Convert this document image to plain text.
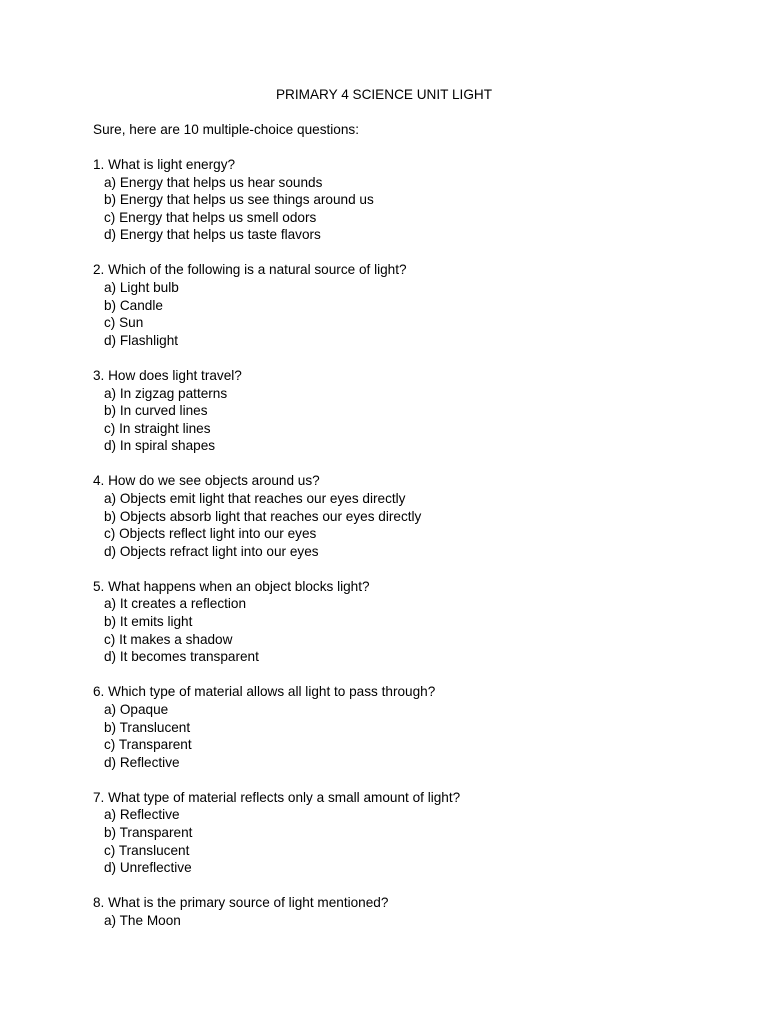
PRIMARY 4 SCIENCE UNIT LIGHT

Sure, here are 10 multiple-choice questions:

1. What is light energy?
a) Energy that helps us hear sounds
b) Energy that helps us see things around us
c) Energy that helps us smell odors
d) Energy that helps us taste flavors
2. Which of the following is a natural source of light?
a) Light bulb
b) Candle
c) Sun
d) Flashlight
3. How does light travel?
a) In zigzag patterns
b) In curved lines
c) In straight lines
d) In spiral shapes
4. How do we see objects around us?
a) Objects emit light that reaches our eyes directly
b) Objects absorb light that reaches our eyes directly
c) Objects reflect light into our eyes
d) Objects refract light into our eyes
5. What happens when an object blocks light?
a) It creates a reflection
b) It emits light
c) It makes a shadow
d) It becomes transparent
6. Which type of material allows all light to pass through?
a) Opaque
b) Translucent
c) Transparent
d) Reflective
7. What type of material reflects only a small amount of light?
a) Reflective
b) Transparent
c) Translucent
d) Unreflective
8. What is the primary source of light mentioned?
a) The Moon
